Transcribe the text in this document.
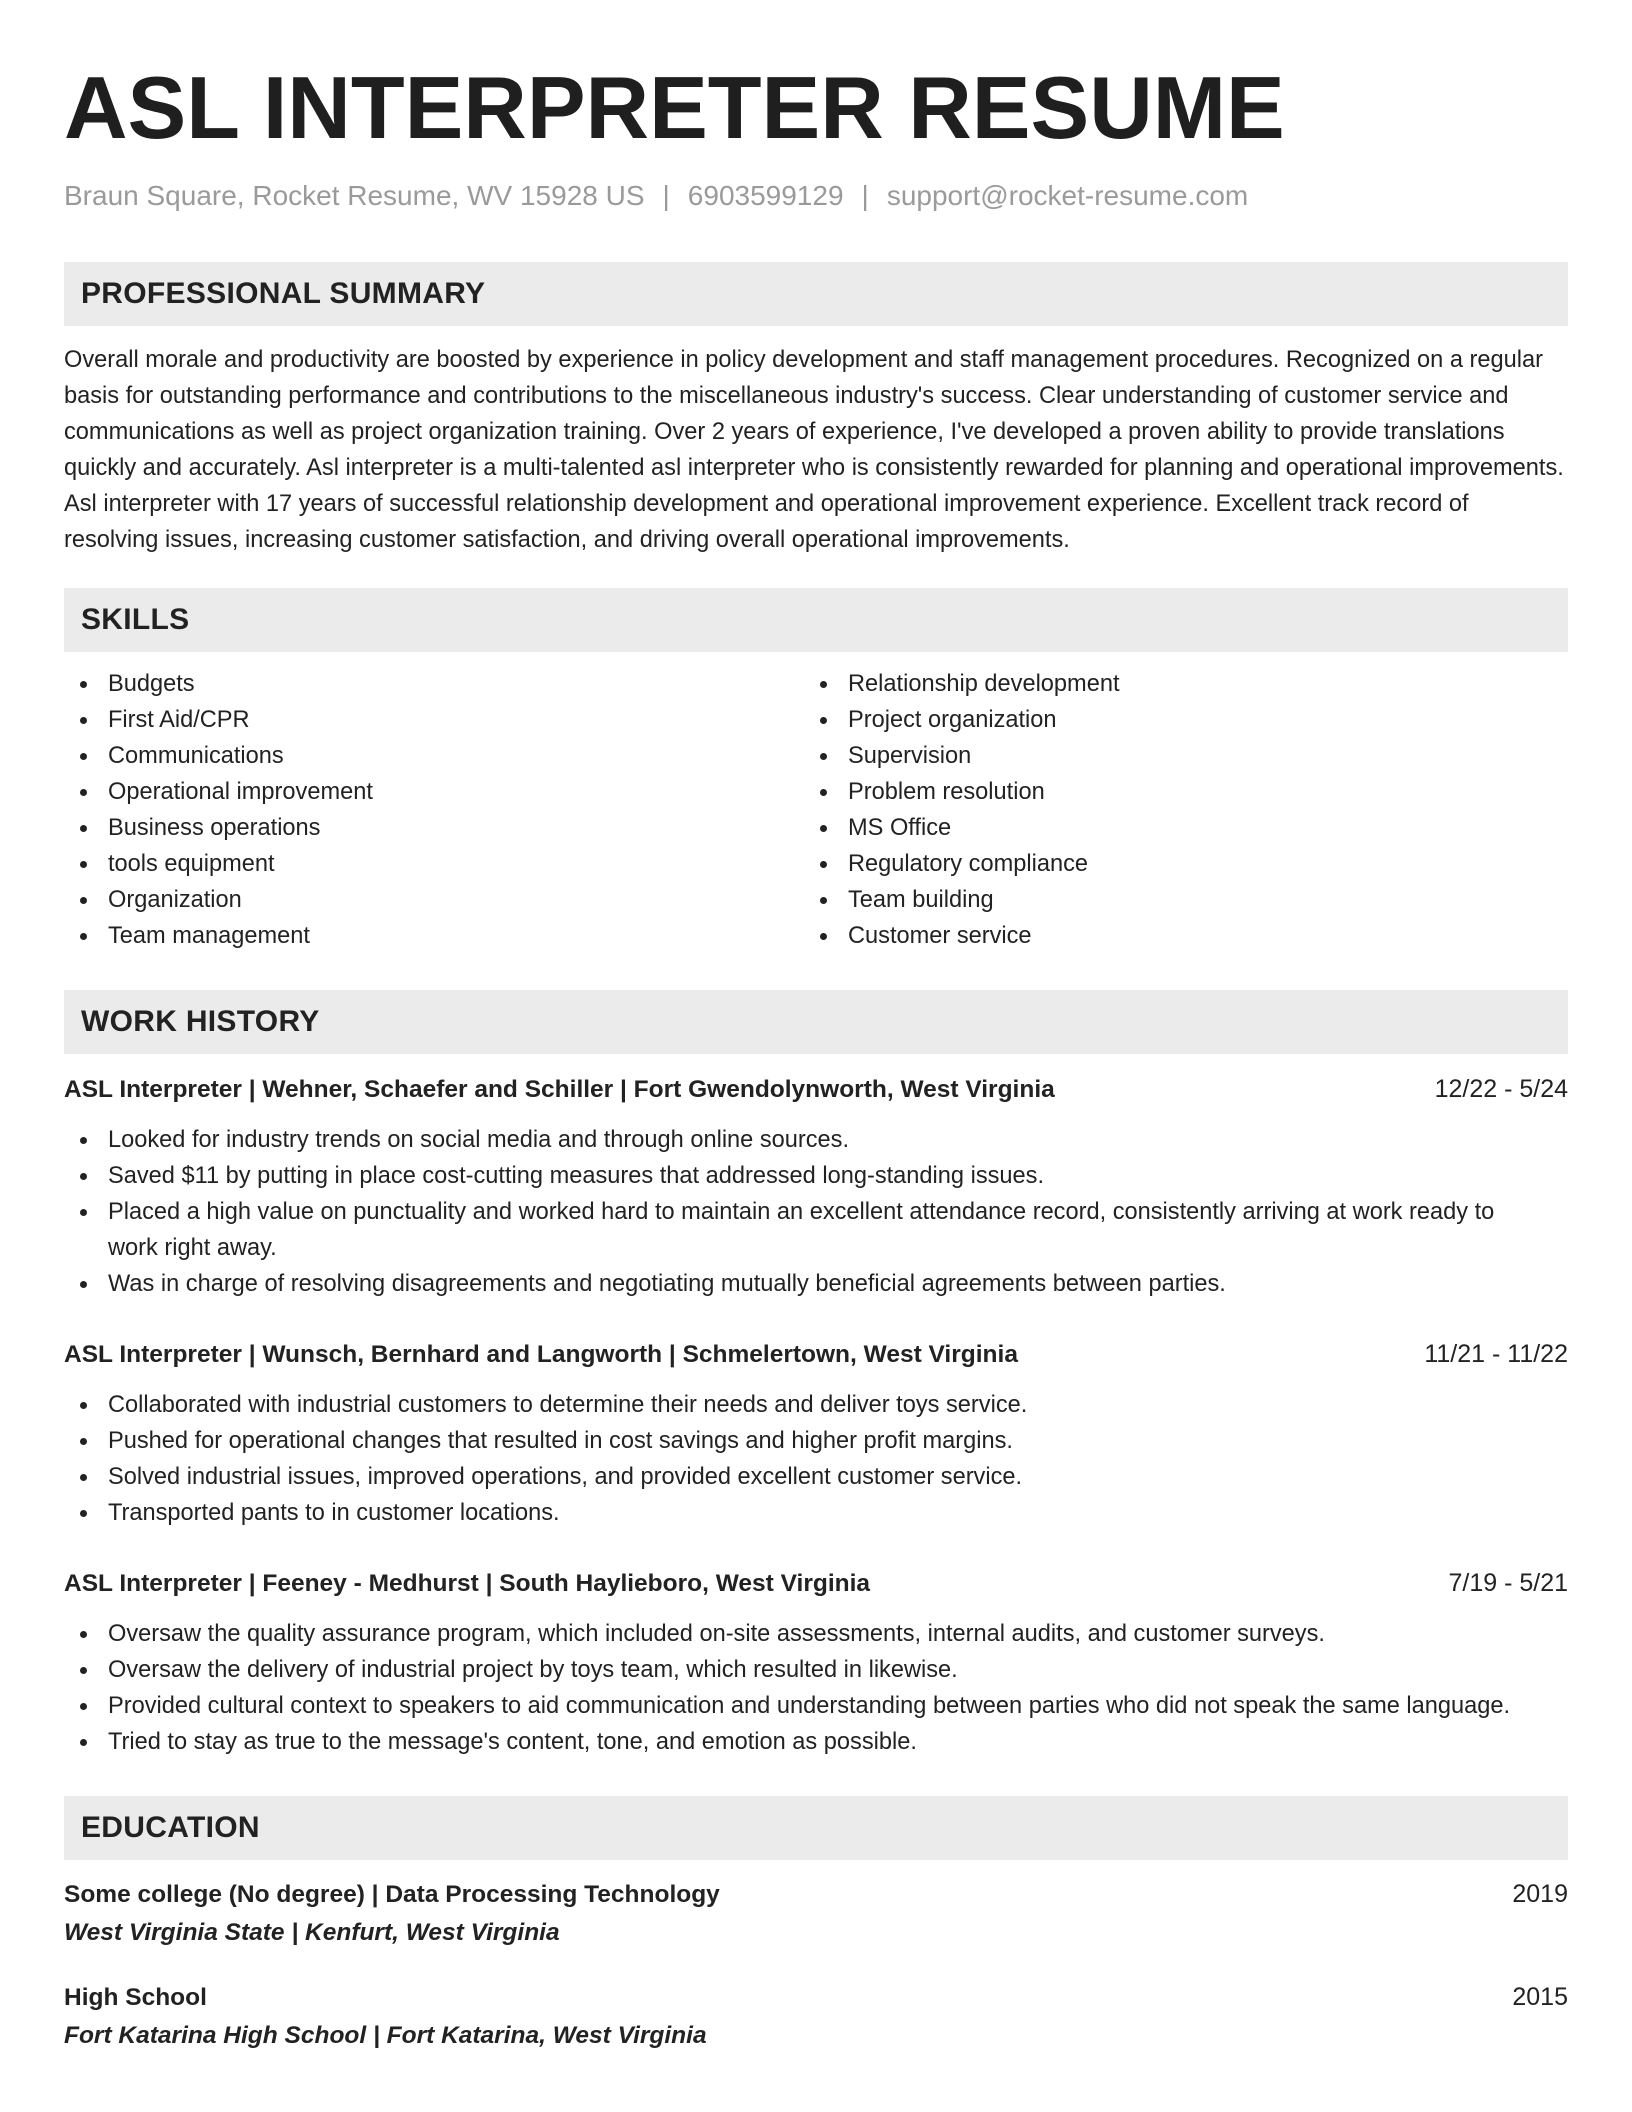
ASL INTERPRETER RESUME
Braun Square, Rocket Resume, WV 15928 US | 6903599129 | support@rocket-resume.com
PROFESSIONAL SUMMARY

Overall morale and productivity are boosted by experience in policy development and staff management procedures. Recognized on a regular basis for outstanding performance and contributions to the miscellaneous industry's success. Clear understanding of customer service and communications as well as project organization training. Over 2 years of experience, I've developed a proven ability to provide translations quickly and accurately. Asl interpreter is a multi-talented asl interpreter who is consistently rewarded for planning and operational improvements. Asl interpreter with 17 years of successful relationship development and operational improvement experience. Excellent track record of resolving issues, increasing customer satisfaction, and driving overall operational improvements.

SKILLS
Budgets
First Aid/CPR
Communications
Operational improvement
Business operations
tools equipment
Organization
Team management
Relationship development
Project organization
Supervision
Problem resolution
MS Office
Regulatory compliance
Team building
Customer service
WORK HISTORY
ASL Interpreter | Wehner, Schaefer and Schiller | Fort Gwendolynworth, West Virginia	12/22 - 5/24
Looked for industry trends on social media and through online sources.
Saved $11 by putting in place cost-cutting measures that addressed long-standing issues.
Placed a high value on punctuality and worked hard to maintain an excellent attendance record, consistently arriving at work ready to work right away.
Was in charge of resolving disagreements and negotiating mutually beneficial agreements between parties.
ASL Interpreter | Wunsch, Bernhard and Langworth | Schmelertown, West Virginia	11/21 - 11/22
Collaborated with industrial customers to determine their needs and deliver toys service.
Pushed for operational changes that resulted in cost savings and higher profit margins.
Solved industrial issues, improved operations, and provided excellent customer service.
Transported pants to in customer locations.
ASL Interpreter | Feeney - Medhurst | South Haylieboro, West Virginia	7/19 - 5/21
Oversaw the quality assurance program, which included on-site assessments, internal audits, and customer surveys.
Oversaw the delivery of industrial project by toys team, which resulted in likewise.
Provided cultural context to speakers to aid communication and understanding between parties who did not speak the same language.
Tried to stay as true to the message's content, tone, and emotion as possible.
EDUCATION
Some college (No degree) | Data Processing Technology	2019
West Virginia State | Kenfurt, West Virginia
High School	2015
Fort Katarina High School | Fort Katarina, West Virginia
